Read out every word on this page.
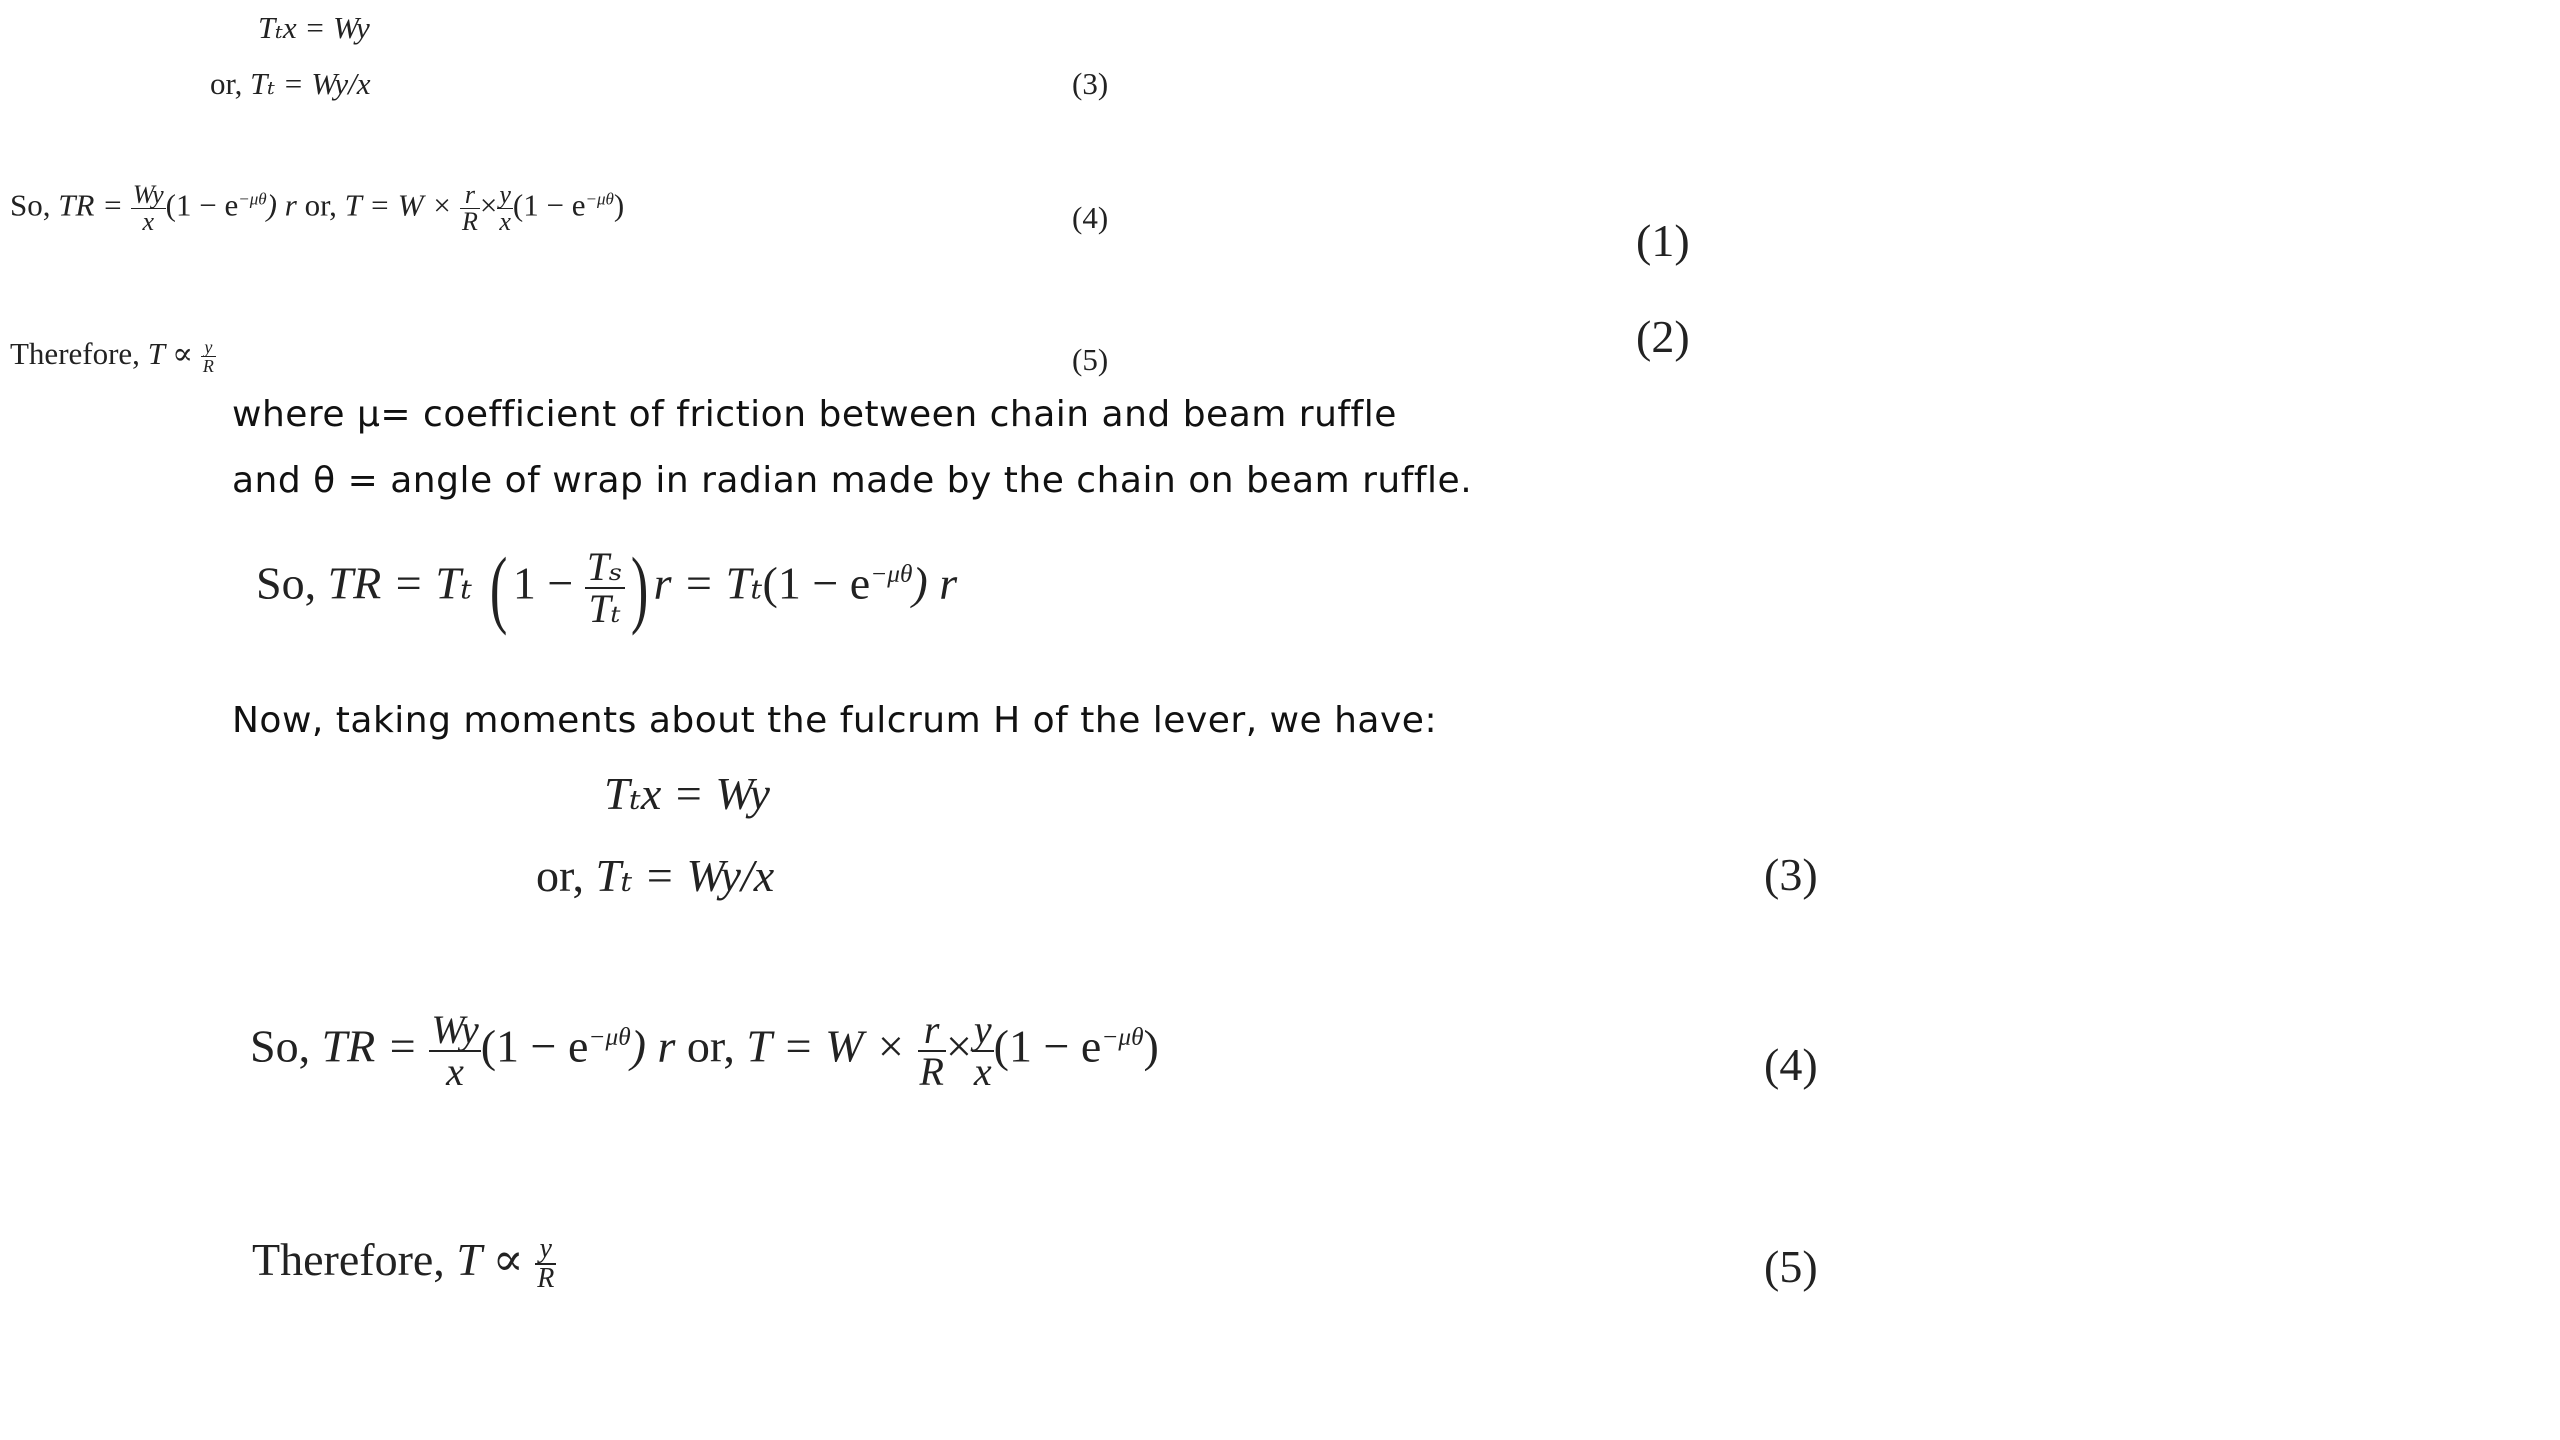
Tₜx = Wy
or, Tₜ = Wy/x	(3)
So, TR = $\frac{Wy}{x} (1 - e^{-\mu\theta})$ r or, $T = W \times \frac{r}{R} \times \frac{y}{x} (1 - e^{-\mu\theta})$	(4)
Therefore, $T \propto \frac{y}{R}$	(5)
(1)
(2)
where μ= coefficient of friction between chain and beam ruffle
and θ = angle of wrap in radian made by the chain on beam ruffle.
So, TR = Tₜ ( $1 - \frac{\text{Tₛ}}{\text{Tₜ}}$ ) $r = T_t(1 - e^{-\mu\theta})$ r
Now, taking moments about the fulcrum H of the lever, we have:
Tₜx = Wy
or, Tₜ = Wy/x	(3)
So, TR = $\frac{Wy}{x} (1 - e^{-\mu\theta})$ r or, $T = W \times \frac{r}{R} \times \frac{y}{x} (1 - e^{-\mu\theta})$	(4)
Therefore, $T \propto \frac{y}{R}$	(5)
